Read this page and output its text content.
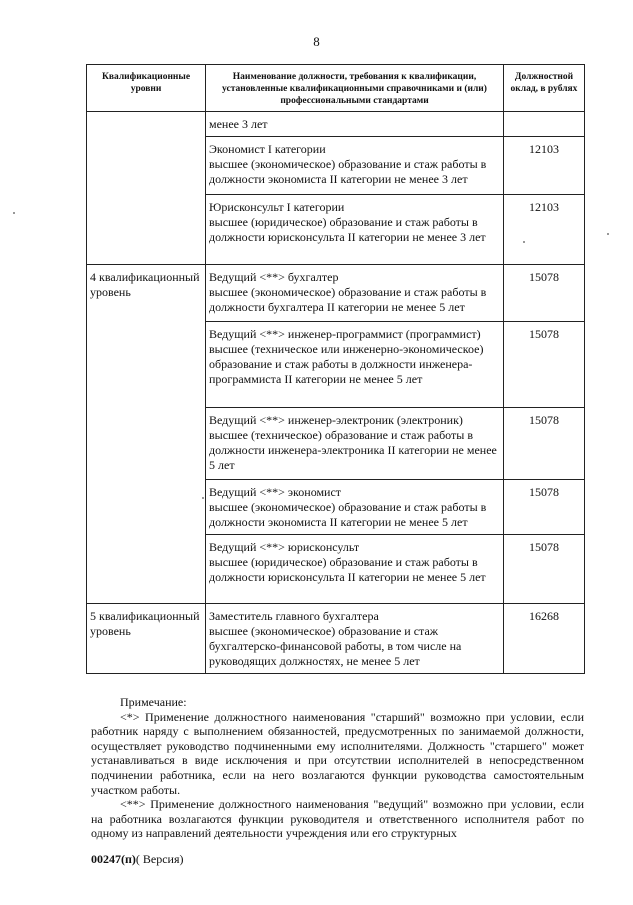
8
Квалификационные уровни	Наименование должности, требования к квалификации, установленные квалификационными справочниками и (или) профессиональными стандартами	Должностной оклад, в рублях

	менее 3 лет	

	Экономист I категории
высшее (экономическое) образование и стаж работы в должности экономиста II категории не менее 3 лет	12103

	Юрисконсульт I категории
высшее (юридическое) образование и стаж работы в должности юрисконсульта II категории не менее 3 лет	12103
4 квалификационный уровень	Ведущий <**> бухгалтер
высшее (экономическое) образование и стаж работы в должности бухгалтера II категории не менее 5 лет	15078

	Ведущий <**> инженер-программист (программист)
высшее (техническое или инженерно-экономическое) образование и стаж работы в должности инженера-программиста II категории не менее 5 лет	15078

	Ведущий <**> инженер-электроник (электроник)
высшее (техническое) образование и стаж работы в должности инженера-электроника II категории не менее 5 лет	15078

	Ведущий <**> экономист
высшее (экономическое) образование и стаж работы в должности экономиста II категории не менее 5 лет	15078

	Ведущий <**> юрисконсульт
высшее (юридическое) образование и стаж работы в должности юрисконсульта II категории не менее 5 лет	15078
5 квалификационный уровень	Заместитель главного бухгалтера
высшее (экономическое) образование и стаж бухгалтерско-финансовой работы, в том числе на руководящих должностях, не менее 5 лет	16268

Примечание:

<*> Применение должностного наименования "старший" возможно при условии, если работник наряду с выполнением обязанностей, предусмотренных по занимаемой должности, осуществляет руководство подчиненными ему исполнителями. Должность "старшего" может устанавливаться в виде исключения и при отсутствии исполнителей в непосредственном подчинении работника, если на него возлагаются функции руководства самостоятельным участком работы.

<**> Применение должностного наименования "ведущий" возможно при условии, если на работника возлагаются функции руководителя и ответственного исполнителя работ по одному из направлений деятельности учреждения или его структурных

00247(п)( Версия)
